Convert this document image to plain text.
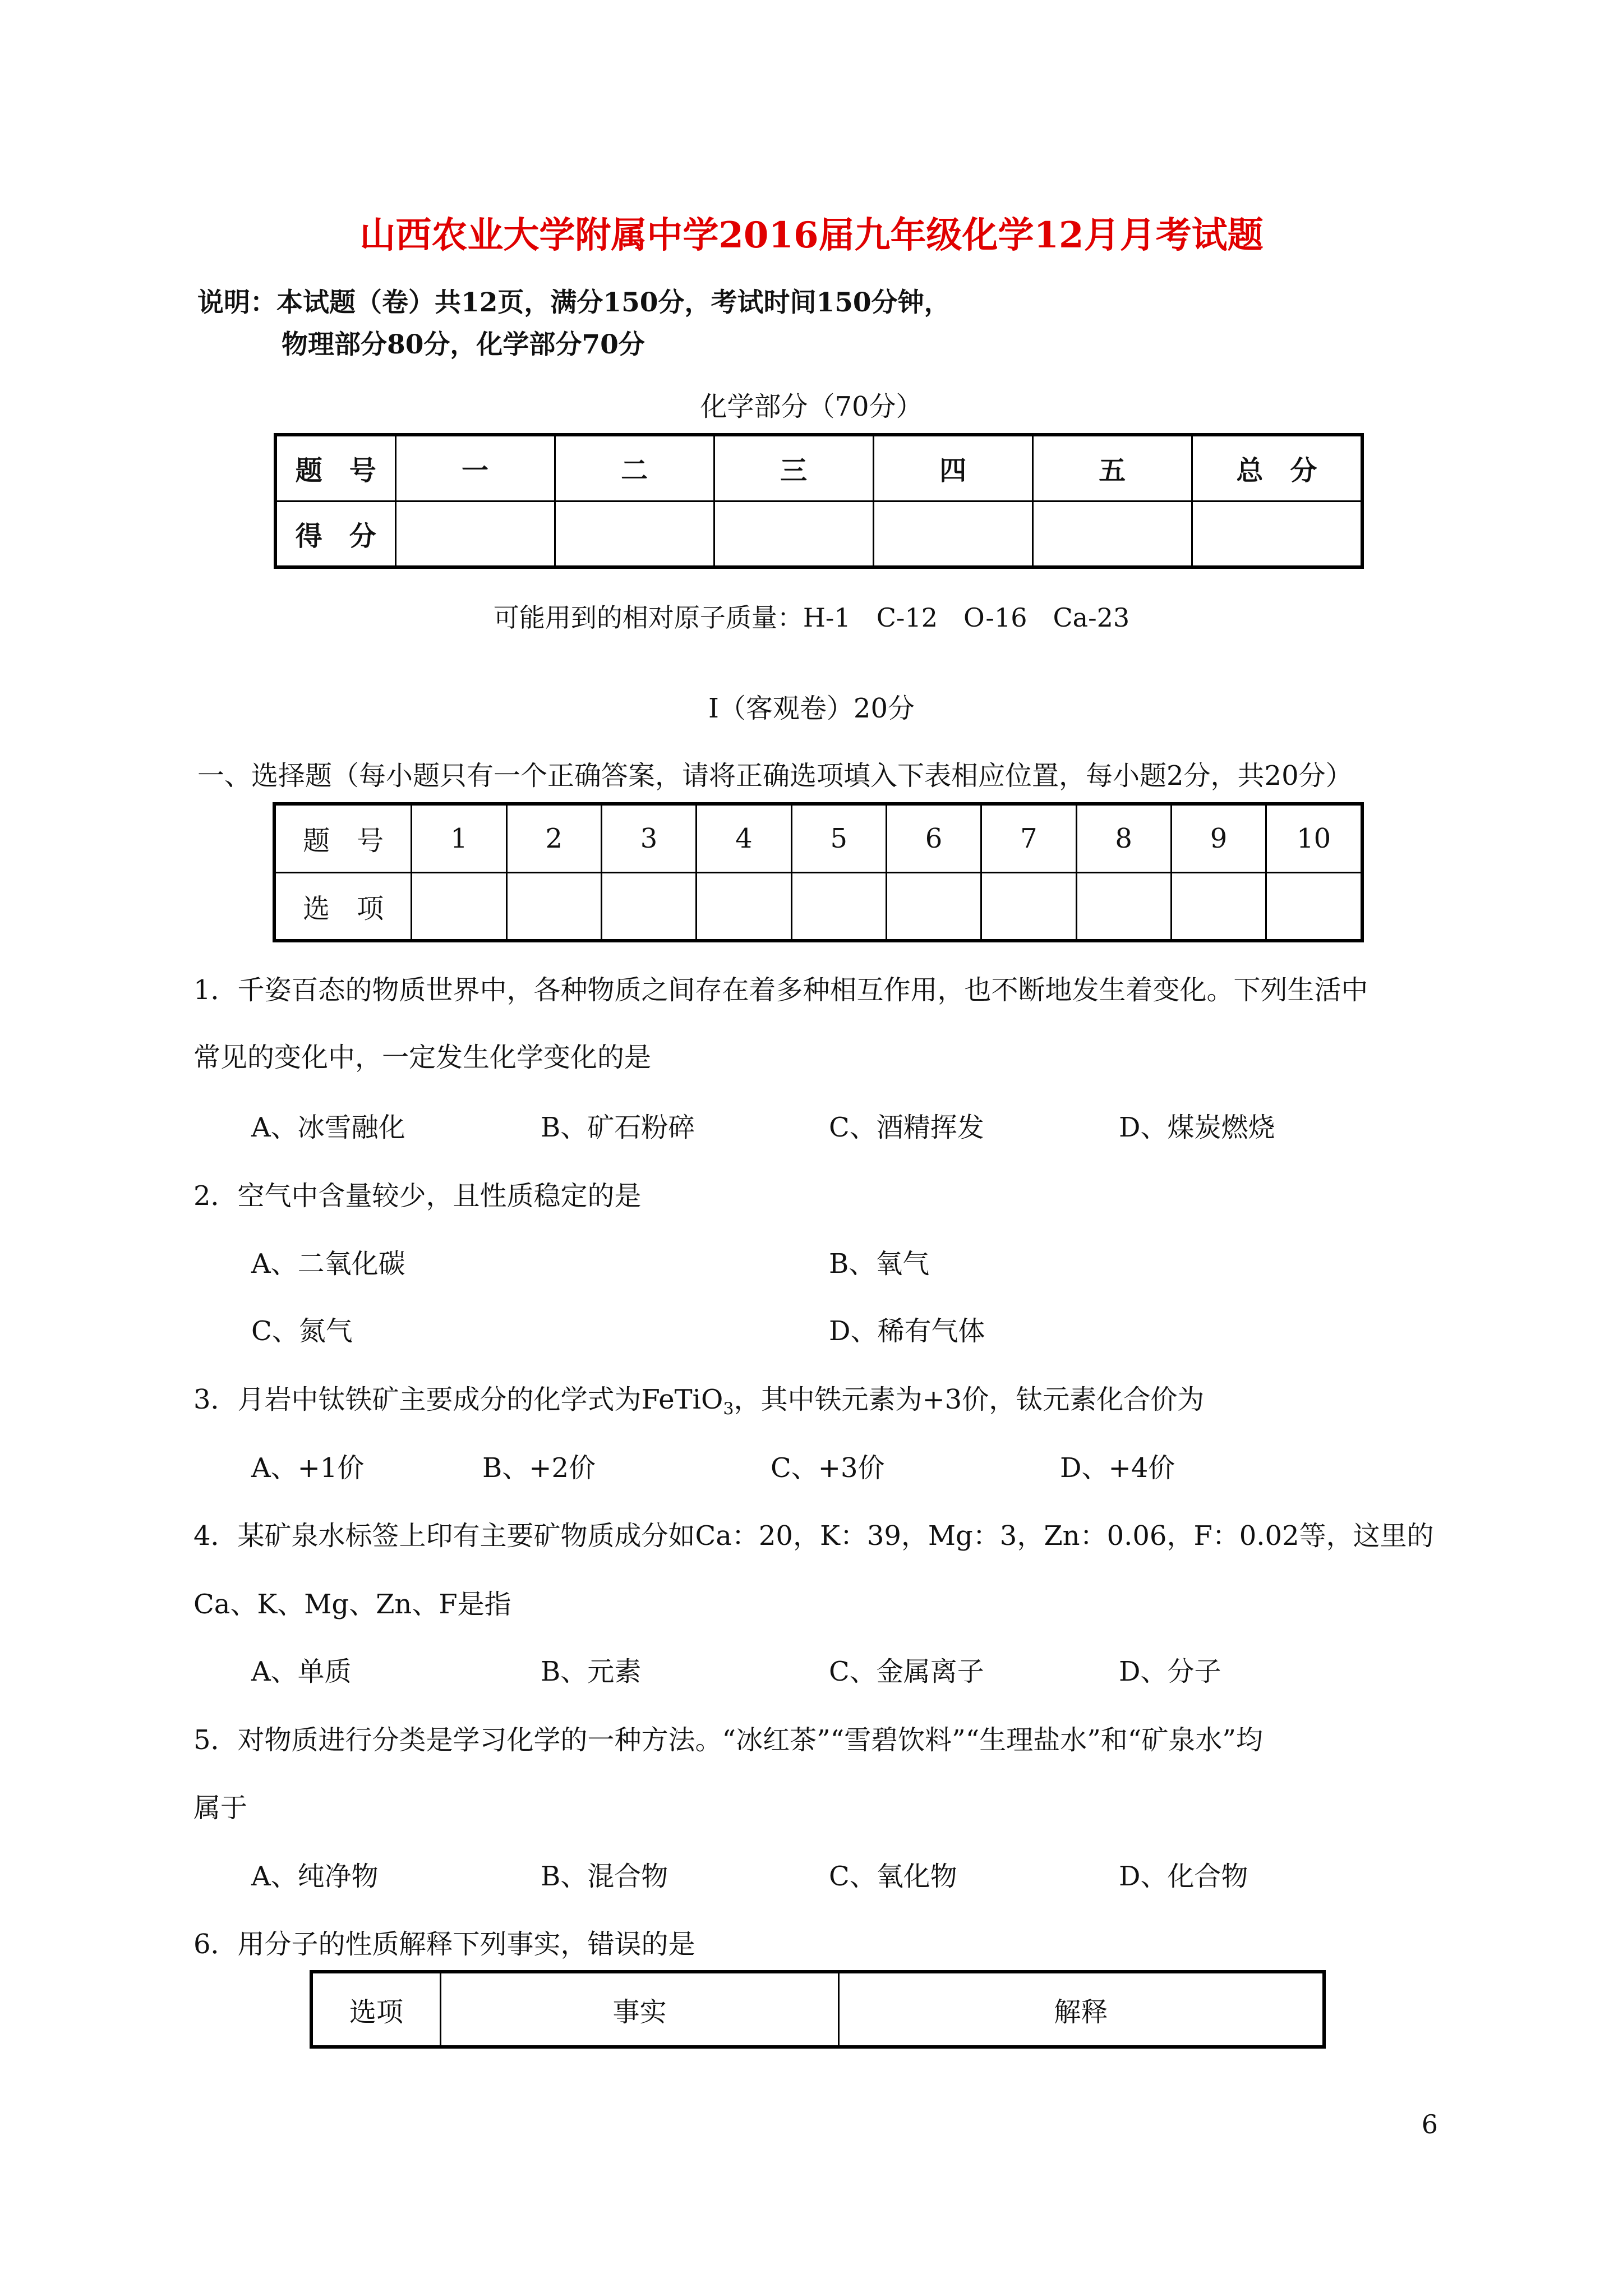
山西农业大学附属中学2016届九年级化学12月月考试题
说明：本试题（卷）共12页，满分150分，考试时间150分钟，
物理部分80分，化学部分70分
化学部分（70分）
题　号	一	二	三	四	五	总　分
得　分						
可能用到的相对原子质量：H-1　C-12　O-16　Ca-23
Ⅰ（客观卷）20分
一、选择题（每小题只有一个正确答案，请将正确选项填入下表相应位置，每小题2分，共20分）
题　号	1	2	3	4	5	6	7	8	9	10
选　项										
1．千姿百态的物质世界中，各种物质之间存在着多种相互作用，也不断地发生着变化。下列生活中
常见的变化中，一定发生化学变化的是
A、冰雪融化	B、矿石粉碎	C、酒精挥发	D、煤炭燃烧
2．空气中含量较少，且性质稳定的是
A、二氧化碳	B、氧气
C、氮气	D、稀有气体
3．月岩中钛铁矿主要成分的化学式为FeTiO$_3$，其中铁元素为+3价，钛元素化合价为
A、+1价	B、+2价	C、+3价	D、+4价
4．某矿泉水标签上印有主要矿物质成分如Ca：20，K：39，Mg：3，Zn：0.06，F：0.02等，这里的
Ca、K、Mg、Zn、F是指
A、单质	B、元素	C、金属离子	D、分子
5．对物质进行分类是学习化学的一种方法。“冰红茶”“雪碧饮料”“生理盐水”和“矿泉水”均
属于
A、纯净物	B、混合物	C、氧化物	D、化合物
6．用分子的性质解释下列事实，错误的是
选项	事实	解释
6
